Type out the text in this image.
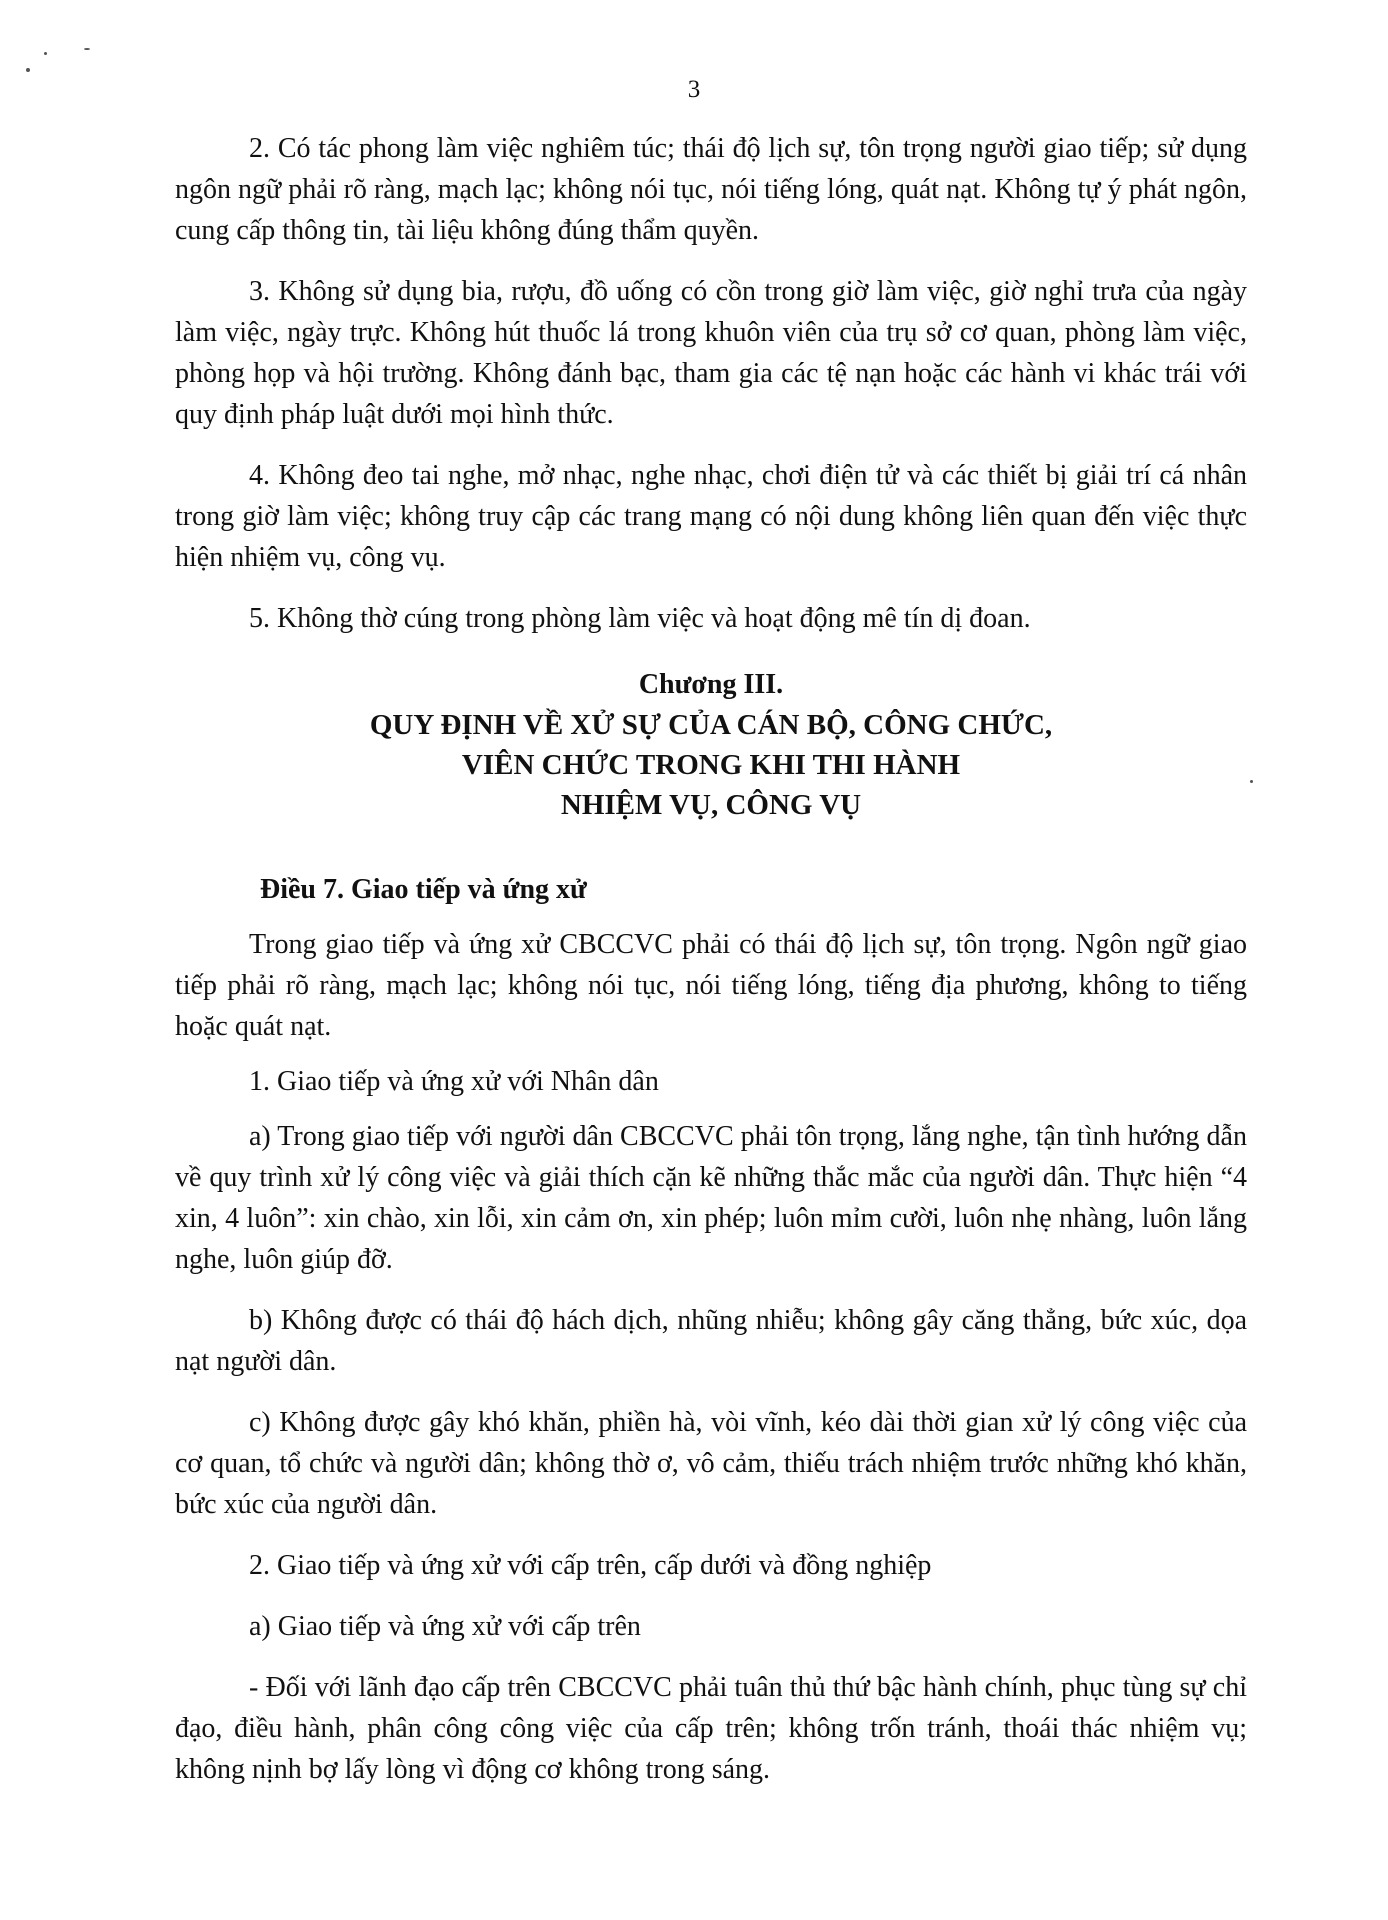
3

2. Có tác phong làm việc nghiêm túc; thái độ lịch sự, tôn trọng người giao tiếp; sử dụng ngôn ngữ phải rõ ràng, mạch lạc; không nói tục, nói tiếng lóng, quát nạt. Không tự ý phát ngôn, cung cấp thông tin, tài liệu không đúng thẩm quyền.

3. Không sử dụng bia, rượu, đồ uống có cồn trong giờ làm việc, giờ nghỉ trưa của ngày làm việc, ngày trực. Không hút thuốc lá trong khuôn viên của trụ sở cơ quan, phòng làm việc, phòng họp và hội trường. Không đánh bạc, tham gia các tệ nạn hoặc các hành vi khác trái với quy định pháp luật dưới mọi hình thức.

4. Không đeo tai nghe, mở nhạc, nghe nhạc, chơi điện tử và các thiết bị giải trí cá nhân trong giờ làm việc; không truy cập các trang mạng có nội dung không liên quan đến việc thực hiện nhiệm vụ, công vụ.

5. Không thờ cúng trong phòng làm việc và hoạt động mê tín dị đoan.

Chương III.
QUY ĐỊNH VỀ XỬ SỰ CỦA CÁN BỘ, CÔNG CHỨC,
VIÊN CHỨC TRONG KHI THI HÀNH
NHIỆM VỤ, CÔNG VỤ

Điều 7. Giao tiếp và ứng xử

Trong giao tiếp và ứng xử CBCCVC phải có thái độ lịch sự, tôn trọng. Ngôn ngữ giao tiếp phải rõ ràng, mạch lạc; không nói tục, nói tiếng lóng, tiếng địa phương, không to tiếng hoặc quát nạt.

1. Giao tiếp và ứng xử với Nhân dân

a) Trong giao tiếp với người dân CBCCVC phải tôn trọng, lắng nghe, tận tình hướng dẫn về quy trình xử lý công việc và giải thích cặn kẽ những thắc mắc của người dân. Thực hiện “4 xin, 4 luôn”: xin chào, xin lỗi, xin cảm ơn, xin phép; luôn mỉm cười, luôn nhẹ nhàng, luôn lắng nghe, luôn giúp đỡ.

b) Không được có thái độ hách dịch, nhũng nhiễu; không gây căng thẳng, bức xúc, dọa nạt người dân.

c) Không được gây khó khăn, phiền hà, vòi vĩnh, kéo dài thời gian xử lý công việc của cơ quan, tổ chức và người dân; không thờ ơ, vô cảm, thiếu trách nhiệm trước những khó khăn, bức xúc của người dân.

2. Giao tiếp và ứng xử với cấp trên, cấp dưới và đồng nghiệp

a) Giao tiếp và ứng xử với cấp trên

- Đối với lãnh đạo cấp trên CBCCVC phải tuân thủ thứ bậc hành chính, phục tùng sự chỉ đạo, điều hành, phân công công việc của cấp trên; không trốn tránh, thoái thác nhiệm vụ; không nịnh bợ lấy lòng vì động cơ không trong sáng.
